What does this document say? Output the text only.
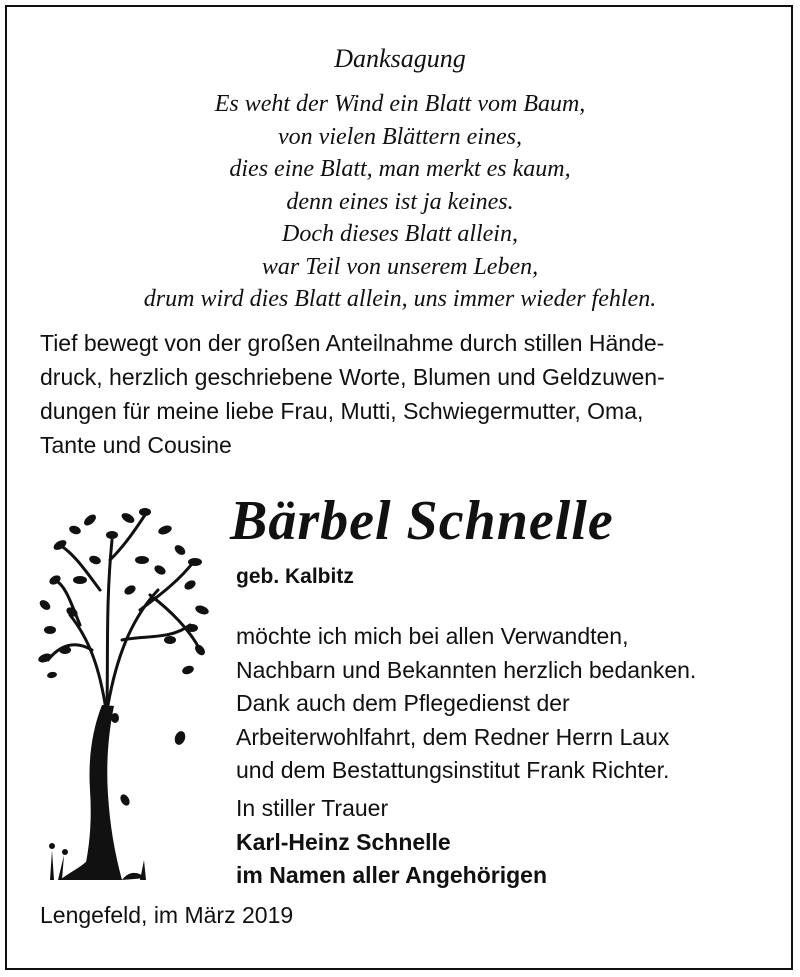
Danksagung
Es weht der Wind ein Blatt vom Baum,
von vielen Blättern eines,
dies eine Blatt, man merkt es kaum,
denn eines ist ja keines.
Doch dieses Blatt allein,
war Teil von unserem Leben,
drum wird dies Blatt allein, uns immer wieder fehlen.
Tief bewegt von der großen Anteilnahme durch stillen Hände-
druck, herzlich geschriebene Worte, Blumen und Geldzuwen-
dungen für meine liebe Frau, Mutti, Schwiegermutter, Oma,
Tante und Cousine
Bärbel Schnelle
geb. Kalbitz
möchte ich mich bei allen Verwandten,
Nachbarn und Bekannten herzlich bedanken.
Dank auch dem Pflegedienst der
Arbeiterwohlfahrt, dem Redner Herrn Laux
und dem Bestattungsinstitut Frank Richter.
In stiller Trauer
Karl-Heinz Schnelle
im Namen aller Angehörigen
Lengefeld, im März 2019
